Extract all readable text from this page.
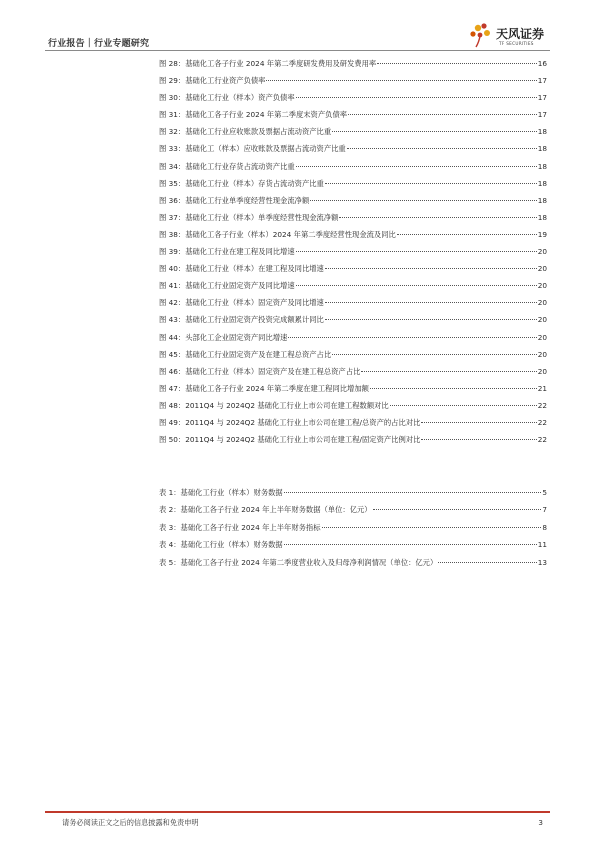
行业报告｜行业专题研究
天风证券
TF SECURITIES
图 28：基础化工各子行业 2024 年第二季度研发费用及研发费用率	16
图 29：基础化工行业资产负债率	17
图 30：基础化工行业（样本）资产负债率	17
图 31：基础化工各子行业 2024 年第二季度末资产负债率	17
图 32：基础化工行业应收账款及票据占流动资产比重	18
图 33：基础化工（样本）应收账款及票据占流动资产比重	18
图 34：基础化工行业存货占流动资产比重	18
图 35：基础化工行业（样本）存货占流动资产比重	18
图 36：基础化工行业单季度经营性现金流净额	18
图 37：基础化工行业（样本）单季度经营性现金流净额	18
图 38：基础化工各子行业（样本）2024 年第二季度经营性现金流及同比	19
图 39：基础化工行业在建工程及同比增速	20
图 40：基础化工行业（样本）在建工程及同比增速	20
图 41：基础化工行业固定资产及同比增速	20
图 42：基础化工行业（样本）固定资产及同比增速	20
图 43：基础化工行业固定资产投资完成额累计同比	20
图 44：头部化工企业固定资产同比增速	20
图 45：基础化工行业固定资产及在建工程总资产占比	20
图 46：基础化工行业（样本）固定资产及在建工程总资产占比	20
图 47：基础化工各子行业 2024 年第二季度在建工程同比增加额	21
图 48：2011Q4 与 2024Q2 基础化工行业上市公司在建工程数额对比	22
图 49：2011Q4 与 2024Q2 基础化工行业上市公司在建工程/总资产的占比对比	22
图 50：2011Q4 与 2024Q2 基础化工行业上市公司在建工程/固定资产比例对比	22
表 1：基础化工行业（样本）财务数据	5
表 2：基础化工各子行业 2024 年上半年财务数据（单位：亿元）	7
表 3：基础化工各子行业 2024 年上半年财务指标	8
表 4：基础化工行业（样本）财务数据	11
表 5：基础化工各子行业 2024 年第二季度营业收入及归母净利润情况（单位：亿元）	13
请务必阅读正文之后的信息披露和免责申明	3
